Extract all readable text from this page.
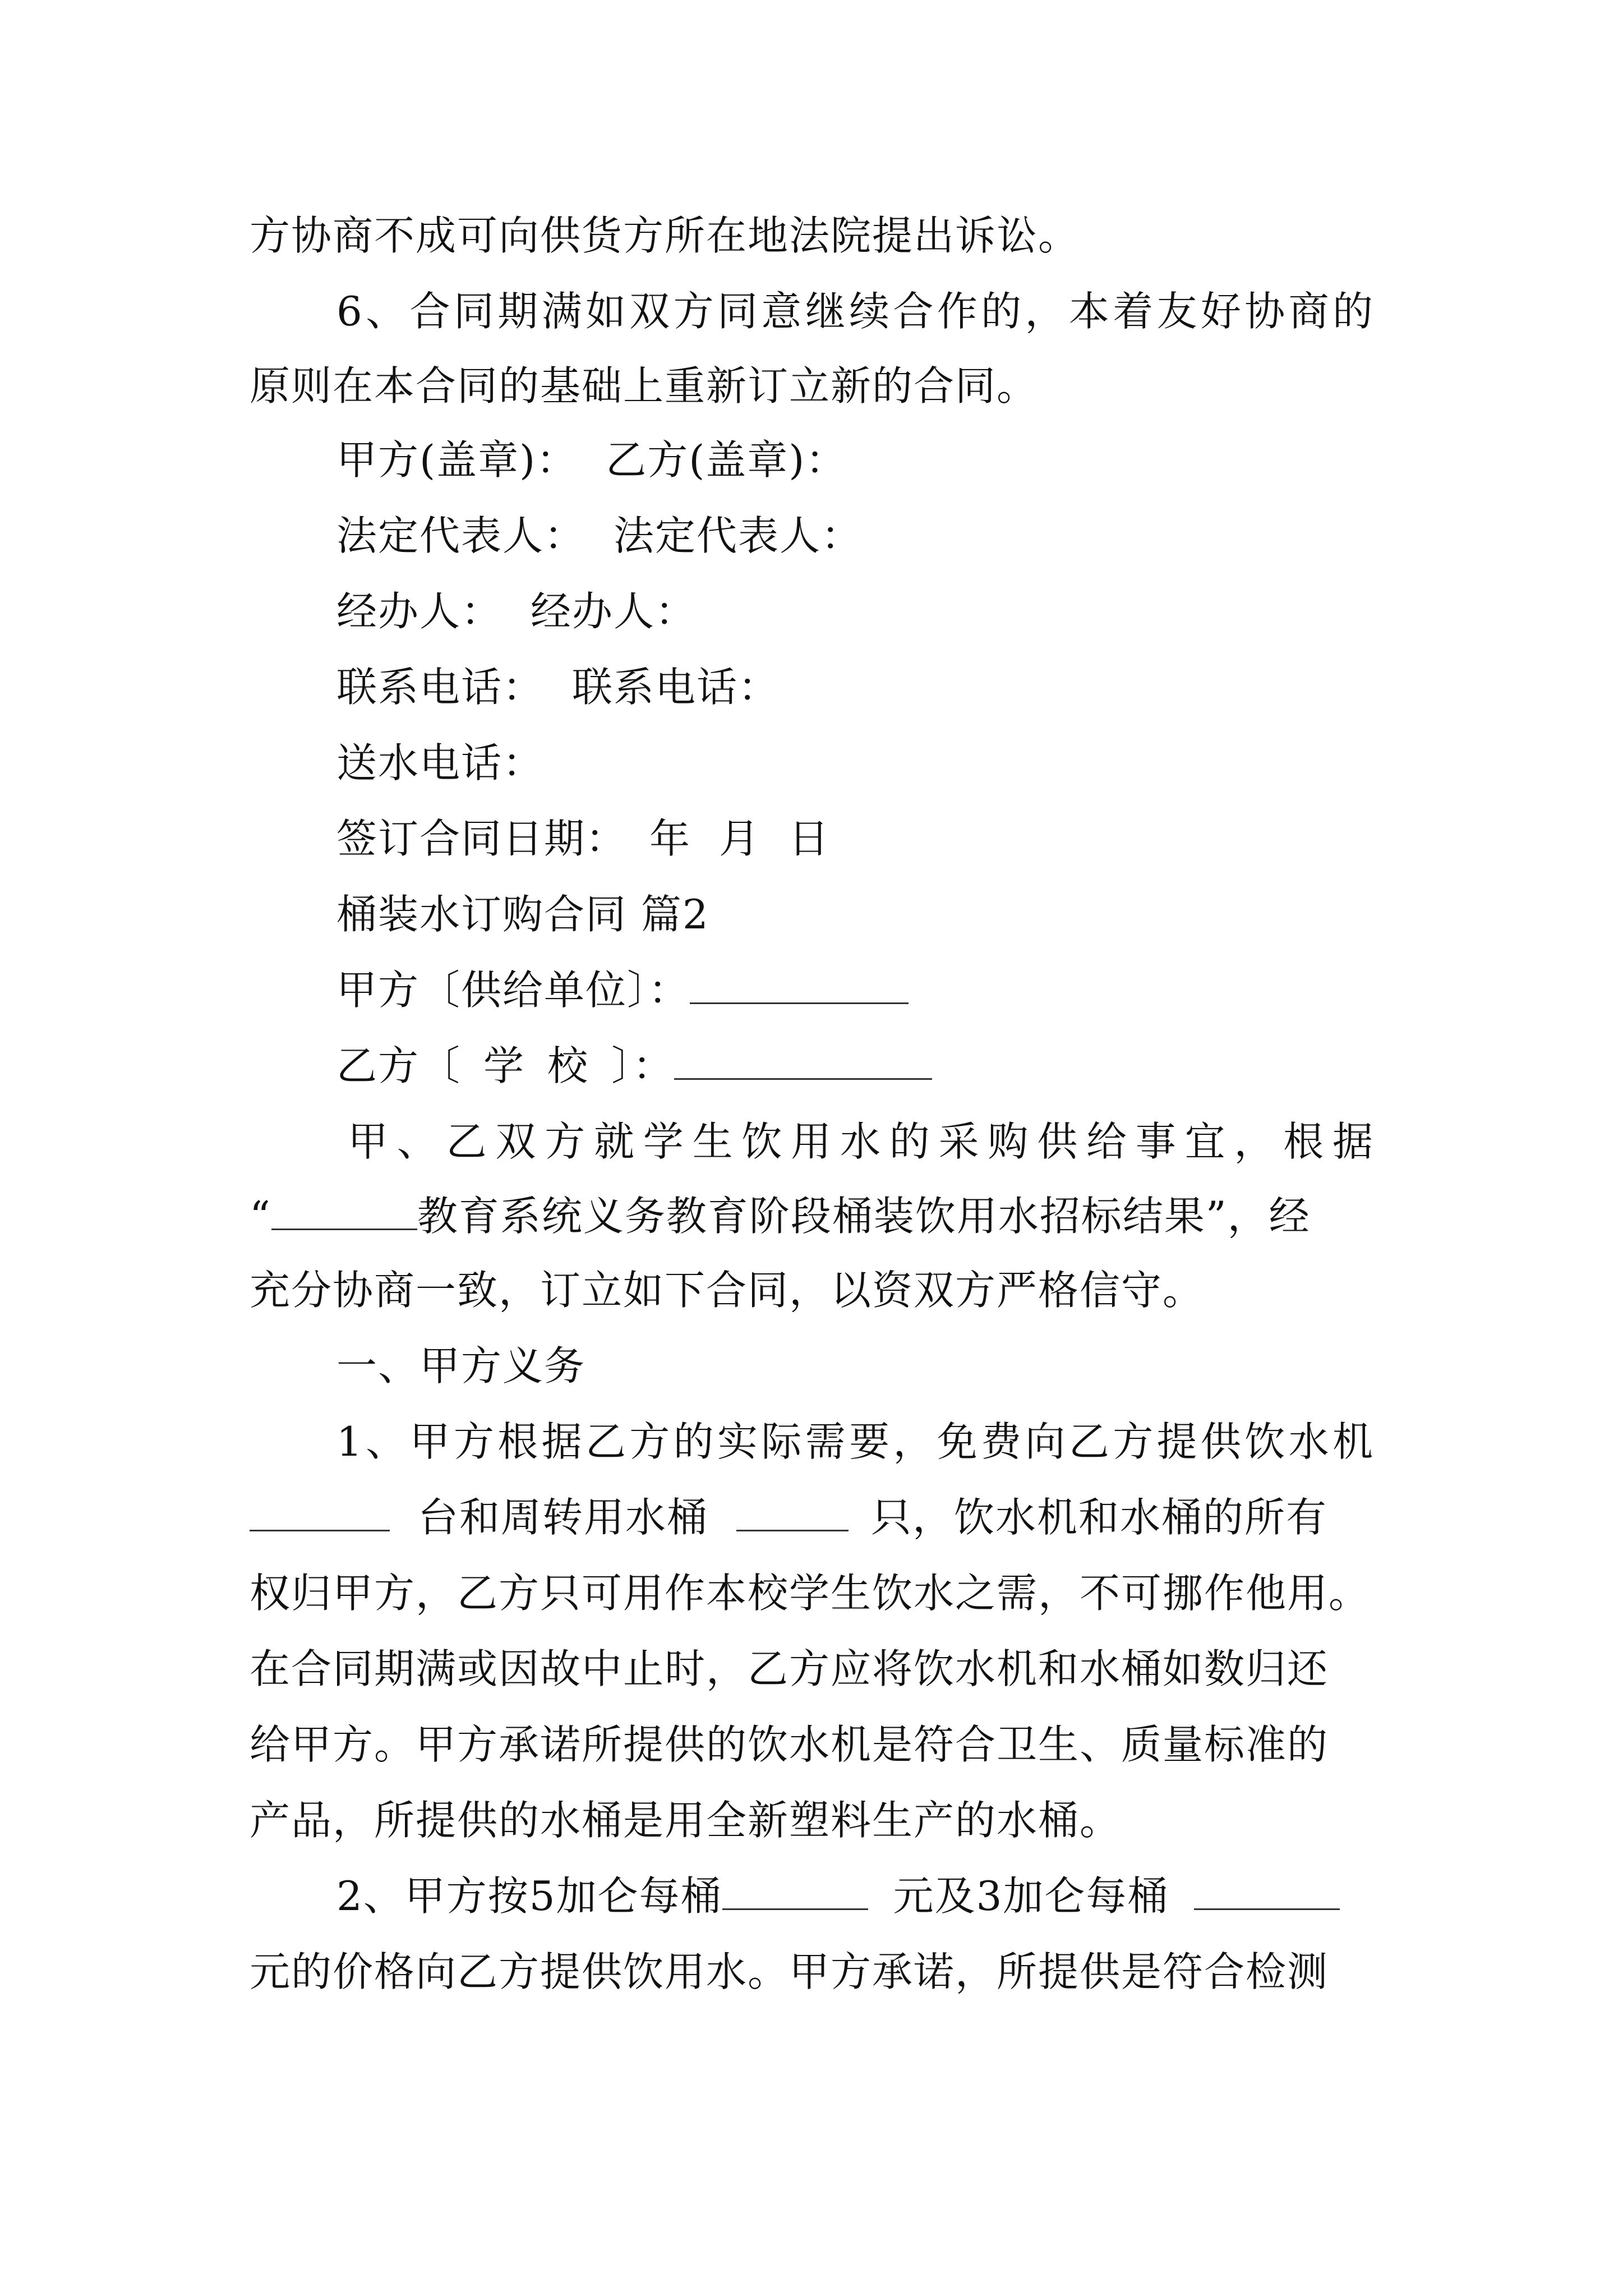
方协商不成可向供货方所在地法院提出诉讼。
6、合同期满如双方同意继续合作的，本着友好协商的
原则在本合同的基础上重新订立新的合同。
甲方(盖章)： 乙方(盖章)：
法定代表人： 法定代表人：
经办人： 经办人：
联系电话： 联系电话：
送水电话：
签订合同日期： 年 月 日
桶装水订购合同 篇2
甲方〔供给单位〕：
乙方〔 学 校 〕：
甲、乙双方就学生饮用水的采购供给事宜，根据
“	教育系统义务教育阶段桶装饮用水招标结果”，经
充分协商一致，订立如下合同，以资双方严格信守。
一、甲方义务
1、甲方根据乙方的实际需要，免费向乙方提供饮水机
台和周转用水桶	只，饮水机和水桶的所有
权归甲方，乙方只可用作本校学生饮水之需，不可挪作他用。
在合同期满或因故中止时，乙方应将饮水机和水桶如数归还
给甲方。甲方承诺所提供的饮水机是符合卫生、质量标准的
产品，所提供的水桶是用全新塑料生产的水桶。
2、甲方按5加仑每桶	元及3加仑每桶
元的价格向乙方提供饮用水。甲方承诺，所提供是符合检测
